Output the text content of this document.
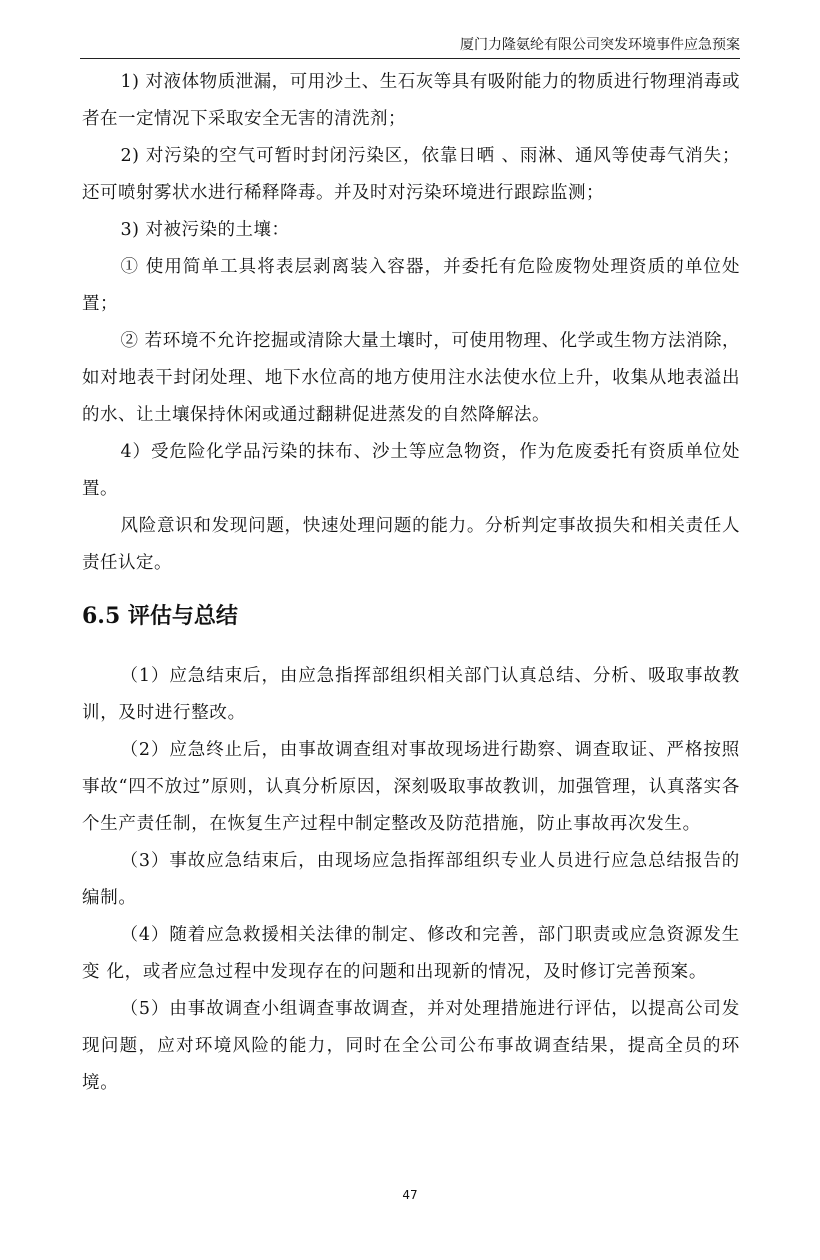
厦门力隆氨纶有限公司突发环境事件应急预案

1) 对液体物质泄漏，可用沙土、生石灰等具有吸附能力的物质进行物理消毒或者在一定情况下采取安全无害的清洗剂；

2) 对污染的空气可暂时封闭污染区，依靠日晒 、雨淋、通风等使毒气消失；还可喷射雾状水进行稀释降毒。并及时对污染环境进行跟踪监测；

3) 对被污染的土壤：

① 使用简单工具将表层剥离装入容器，并委托有危险废物处理资质的单位处置；

② 若环境不允许挖掘或清除大量土壤时，可使用物理、化学或生物方法消除，如对地表干封闭处理、地下水位高的地方使用注水法使水位上升，收集从地表溢出的水、让土壤保持休闲或通过翻耕促进蒸发的自然降解法。

4）受危险化学品污染的抹布、沙土等应急物资，作为危废委托有资质单位处置。

风险意识和发现问题，快速处理问题的能力。分析判定事故损失和相关责任人责任认定。

6.5 评估与总结

（1）应急结束后，由应急指挥部组织相关部门认真总结、分析、吸取事故教训，及时进行整改。

（2）应急终止后，由事故调查组对事故现场进行勘察、调查取证、严格按照事故“四不放过”原则，认真分析原因，深刻吸取事故教训，加强管理，认真落实各个生产责任制，在恢复生产过程中制定整改及防范措施，防止事故再次发生。

（3）事故应急结束后，由现场应急指挥部组织专业人员进行应急总结报告的编制。

（4）随着应急救援相关法律的制定、修改和完善，部门职责或应急资源发生变 化，或者应急过程中发现存在的问题和出现新的情况，及时修订完善预案。

（5）由事故调查小组调查事故调查，并对处理措施进行评估，以提高公司发现问题，应对环境风险的能力，同时在全公司公布事故调查结果，提高全员的环境。

47
